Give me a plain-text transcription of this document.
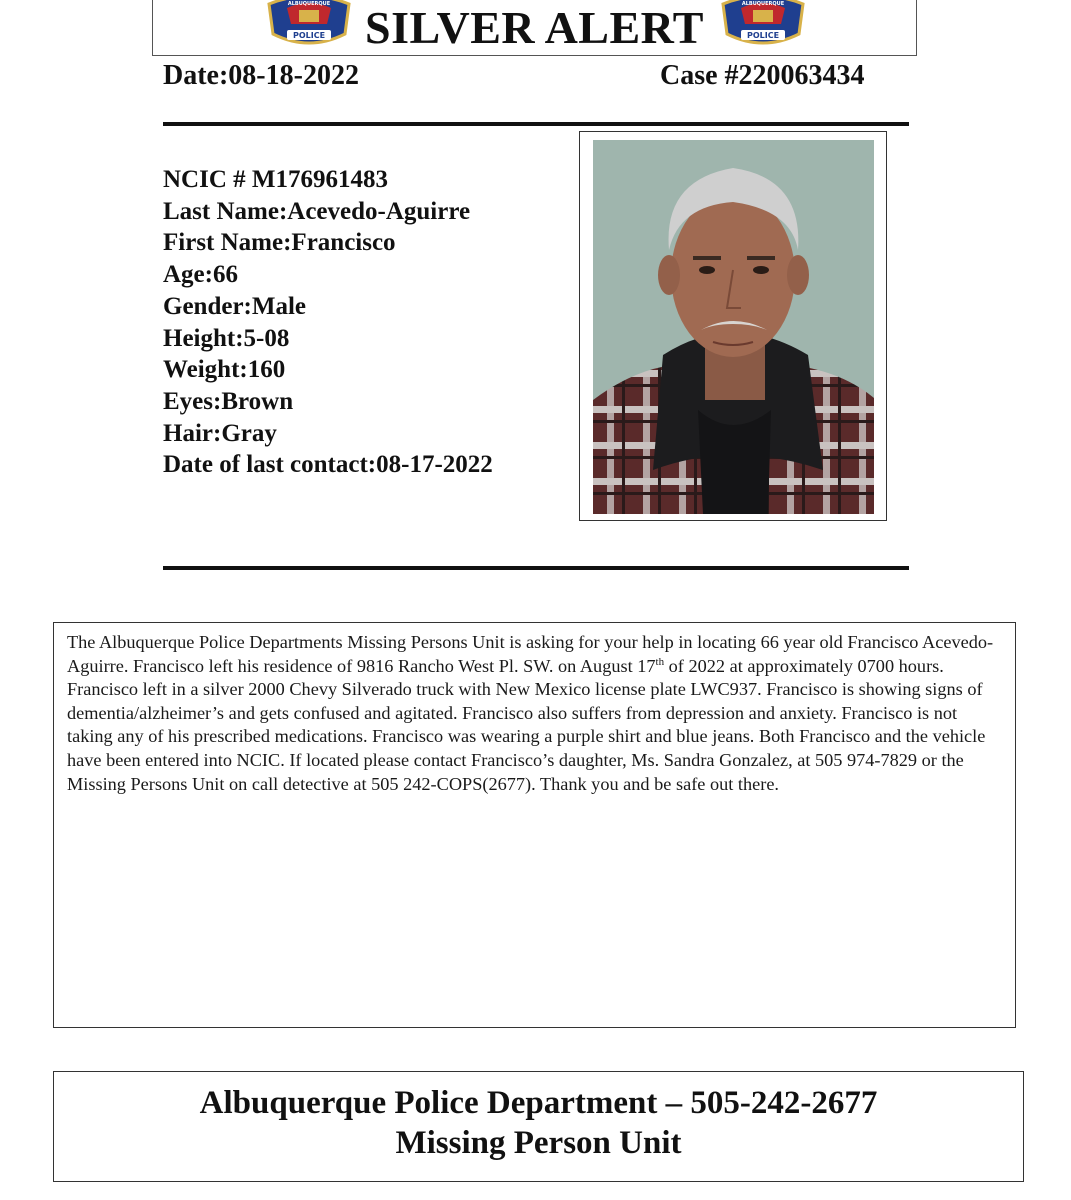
POLICE
ALBUQUERQUE SILVER ALERT	POLICE
ALBUQUERQUE
Date:08-18-2022	Case #220063434
NCIC # M176961483
Last Name:Acevedo-Aguirre
First Name:Francisco
Age:66
Gender:Male
Height:5-08
Weight:160
Eyes:Brown
Hair:Gray
Date of last contact:08-17-2022

The Albuquerque Police Departments Missing Persons Unit is asking for your help in locating 66 year old Francisco Acevedo-Aguirre. Francisco left his residence of 9816 Rancho West Pl. SW. on August 17th of 2022 at approximately 0700 hours. Francisco left in a silver 2000 Chevy Silverado truck with New Mexico license plate LWC937. Francisco is showing signs of dementia/alzheimer’s and gets confused and agitated. Francisco also suffers from depression and anxiety. Francisco is not taking any of his prescribed medications. Francisco was wearing a purple shirt and blue jeans. Both Francisco and the vehicle have been entered into NCIC. If located please contact Francisco’s daughter, Ms. Sandra Gonzalez, at 505 974-7829 or the Missing Persons Unit on call detective at 505 242-COPS(2677). Thank you and be safe out there.

Albuquerque Police Department – 505-242-2677
Missing Person Unit
